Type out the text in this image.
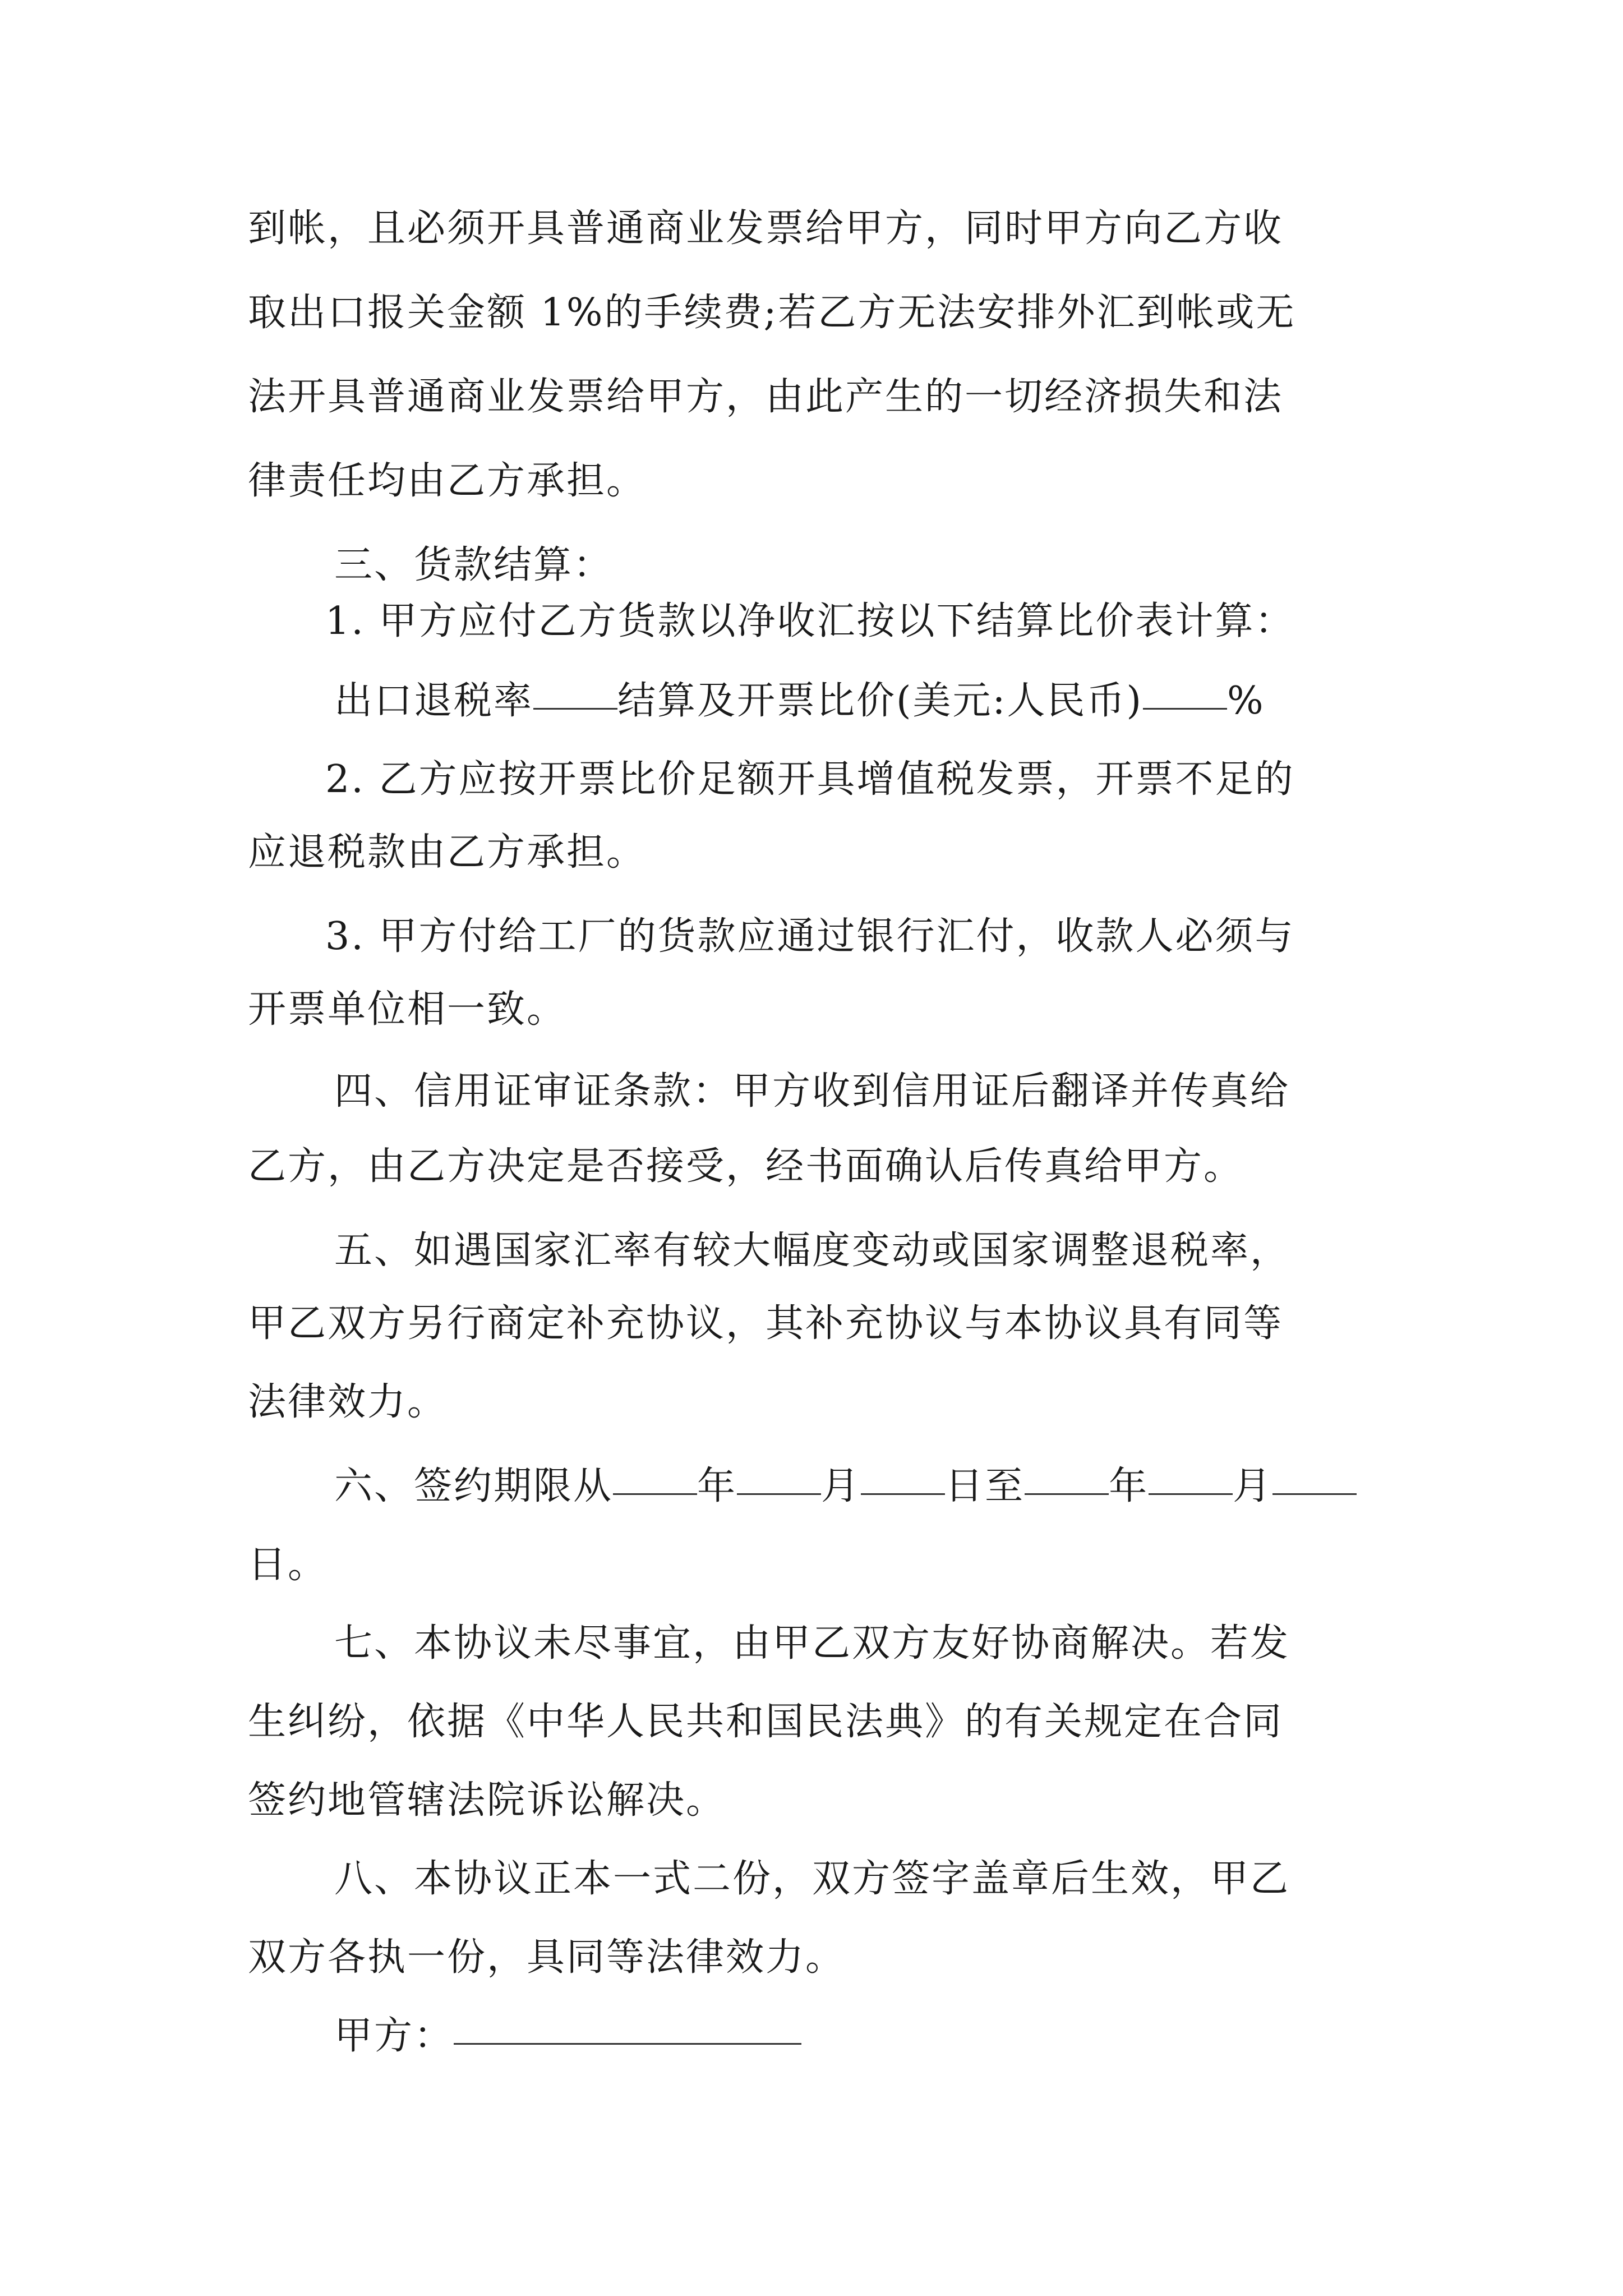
到帐，且必须开具普通商业发票给甲方，同时甲方向乙方收
取出口报关金额 1%的手续费;若乙方无法安排外汇到帐或无
法开具普通商业发票给甲方，由此产生的一切经济损失和法
律责任均由乙方承担。
三、货款结算：
1. 甲方应付乙方货款以净收汇按以下结算比价表计算：
出口退税率 结算及开票比价(美元:人民币) %
2. 乙方应按开票比价足额开具增值税发票，开票不足的
应退税款由乙方承担。
3. 甲方付给工厂的货款应通过银行汇付，收款人必须与
开票单位相一致。
四、信用证审证条款：甲方收到信用证后翻译并传真给
乙方，由乙方决定是否接受，经书面确认后传真给甲方。
五、如遇国家汇率有较大幅度变动或国家调整退税率，
甲乙双方另行商定补充协议，其补充协议与本协议具有同等
法律效力。
六、签约期限从 年 月 日至 年 月
日。
七、本协议未尽事宜，由甲乙双方友好协商解决。若发
生纠纷，依据《中华人民共和国民法典》的有关规定在合同
签约地管辖法院诉讼解决。
八、本协议正本一式二份，双方签字盖章后生效，甲乙
双方各执一份，具同等法律效力。
甲方：
